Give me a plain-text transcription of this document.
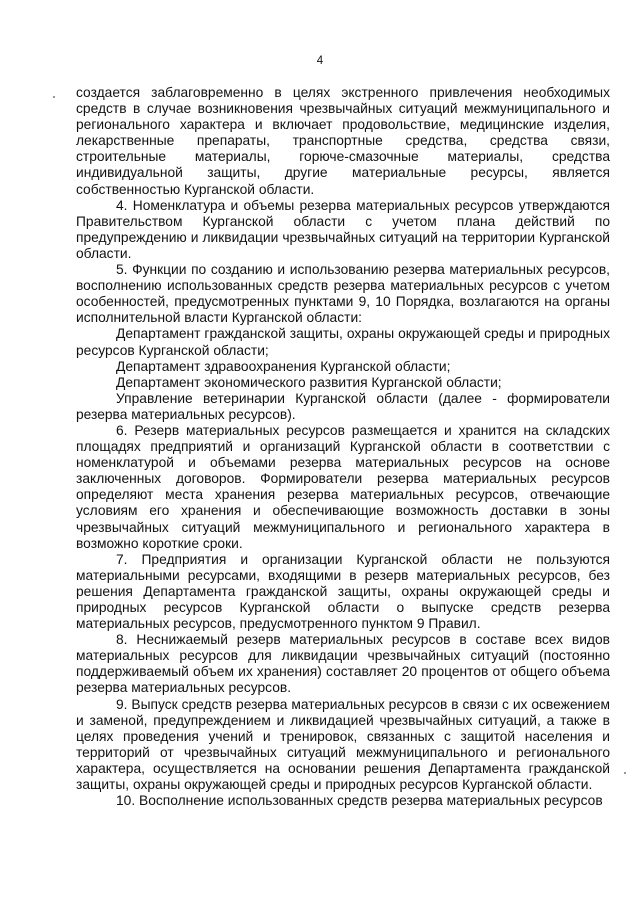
4

создается заблаговременно в целях экстренного привлечения необходимых средств в случае возникновения чрезвычайных ситуаций межмуниципального и регионального характера и включает продовольствие, медицинские изделия, лекарственные препараты, транспортные средства, средства связи, строительные материалы, горюче-смазочные материалы, средства индивидуальной защиты, другие материальные ресурсы, является собственностью Курганской области.

4. Номенклатура и объемы резерва материальных ресурсов утверждаются Правительством Курганской области с учетом плана действий по предупреждению и ликвидации чрезвычайных ситуаций на территории Курганской области.

5. Функции по созданию и использованию резерва материальных ресурсов, восполнению использованных средств резерва материальных ресурсов с учетом особенностей, предусмотренных пунктами 9, 10 Порядка, возлагаются на органы исполнительной власти Курганской области:

Департамент гражданской защиты, охраны окружающей среды и природных ресурсов Курганской области;

Департамент здравоохранения Курганской области;

Департамент экономического развития Курганской области;

Управление ветеринарии Курганской области (далее - формирователи резерва материальных ресурсов).

6. Резерв материальных ресурсов размещается и хранится на складских площадях предприятий и организаций Курганской области в соответствии с номенклатурой и объемами резерва материальных ресурсов на основе заключенных договоров. Формирователи резерва материальных ресурсов определяют места хранения резерва материальных ресурсов, отвечающие условиям его хранения и обеспечивающие возможность доставки в зоны чрезвычайных ситуаций межмуниципального и регионального характера в возможно короткие сроки.

7. Предприятия и организации Курганской области не пользуются материальными ресурсами, входящими в резерв материальных ресурсов, без решения Департамента гражданской защиты, охраны окружающей среды и природных ресурсов Курганской области о выпуске средств резерва материальных ресурсов, предусмотренного пунктом 9 Правил.

8. Неснижаемый резерв материальных ресурсов в составе всех видов материальных ресурсов для ликвидации чрезвычайных ситуаций (постоянно поддерживаемый объем их хранения) составляет 20 процентов от общего объема резерва материальных ресурсов.

9. Выпуск средств резерва материальных ресурсов в связи с их освежением и заменой, предупреждением и ликвидацией чрезвычайных ситуаций, а также в целях проведения учений и тренировок, связанных с защитой населения и территорий от чрезвычайных ситуаций межмуниципального и регионального характера, осуществляется на основании решения Департамента гражданской защиты, охраны окружающей среды и природных ресурсов Курганской области.

10. Восполнение использованных средств резерва материальных ресурсов
